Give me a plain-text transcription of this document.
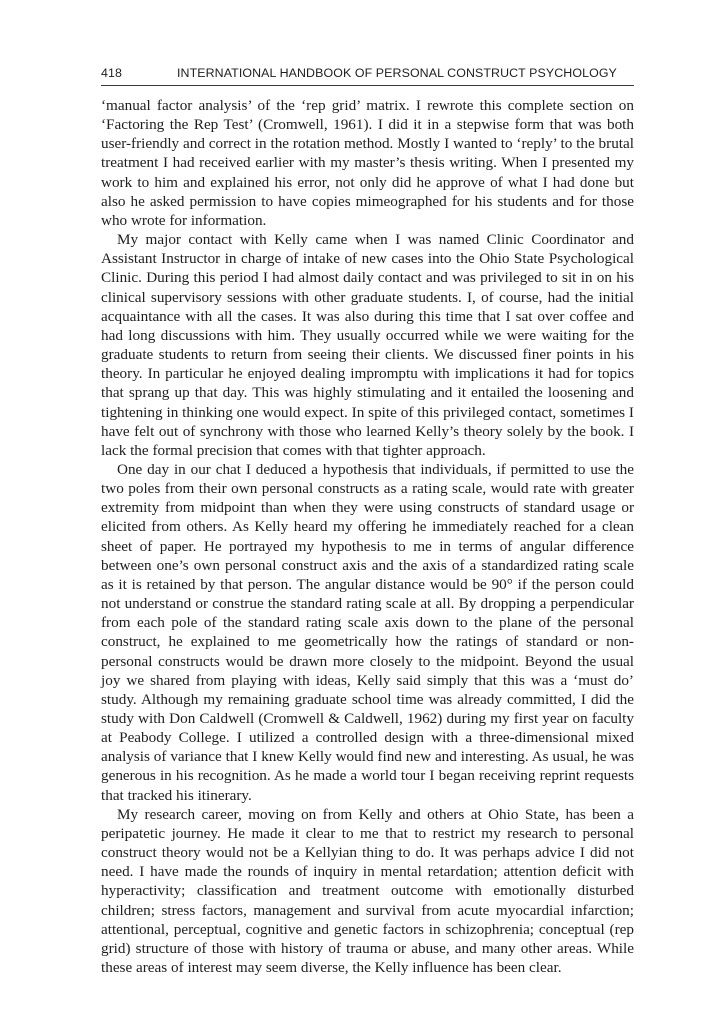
418	INTERNATIONAL HANDBOOK OF PERSONAL CONSTRUCT PSYCHOLOGY

‘manual factor analysis’ of the ‘rep grid’ matrix. I rewrote this complete section on ‘Factoring the Rep Test’ (Cromwell, 1961). I did it in a stepwise form that was both user-friendly and correct in the rotation method. Mostly I wanted to ‘reply’ to the brutal treatment I had received earlier with my master’s thesis writing. When I presented my work to him and explained his error, not only did he approve of what I had done but also he asked permission to have copies mimeographed for his students and for those who wrote for information.

My major contact with Kelly came when I was named Clinic Coordinator and Assistant Instructor in charge of intake of new cases into the Ohio State Psychological Clinic. During this period I had almost daily contact and was privileged to sit in on his clinical supervisory sessions with other graduate students. I, of course, had the initial acquaintance with all the cases. It was also during this time that I sat over coffee and had long discussions with him. They usually occurred while we were waiting for the graduate students to return from seeing their clients. We discussed finer points in his theory. In particular he enjoyed dealing impromptu with implications it had for topics that sprang up that day. This was highly stimulating and it entailed the loosening and tightening in thinking one would expect. In spite of this privileged contact, sometimes I have felt out of synchrony with those who learned Kelly’s theory solely by the book. I lack the formal precision that comes with that tighter approach.

One day in our chat I deduced a hypothesis that individuals, if permitted to use the two poles from their own personal constructs as a rating scale, would rate with greater extremity from midpoint than when they were using constructs of standard usage or elicited from others. As Kelly heard my offering he immediately reached for a clean sheet of paper. He portrayed my hypothesis to me in terms of angular difference between one’s own personal construct axis and the axis of a standardized rating scale as it is retained by that person. The angular distance would be 90° if the person could not understand or construe the standard rating scale at all. By dropping a perpendicular from each pole of the standard rating scale axis down to the plane of the personal construct, he explained to me geometrically how the ratings of standard or non-personal constructs would be drawn more closely to the midpoint. Beyond the usual joy we shared from playing with ideas, Kelly said simply that this was a ‘must do’ study. Although my remaining graduate school time was already committed, I did the study with Don Caldwell (Cromwell & Caldwell, 1962) during my first year on faculty at Peabody College. I utilized a controlled design with a three-dimensional mixed analysis of variance that I knew Kelly would find new and interesting. As usual, he was generous in his recognition. As he made a world tour I began receiving reprint requests that tracked his itinerary.

My research career, moving on from Kelly and others at Ohio State, has been a peripatetic journey. He made it clear to me that to restrict my research to personal construct theory would not be a Kellyian thing to do. It was perhaps advice I did not need. I have made the rounds of inquiry in mental retardation; attention deficit with hyperactivity; classification and treatment outcome with emotionally disturbed children; stress factors, management and survival from acute myocardial infarction; attentional, perceptual, cognitive and genetic factors in schizophrenia; conceptual (rep grid) structure of those with history of trauma or abuse, and many other areas. While these areas of interest may seem diverse, the Kelly influence has been clear.
